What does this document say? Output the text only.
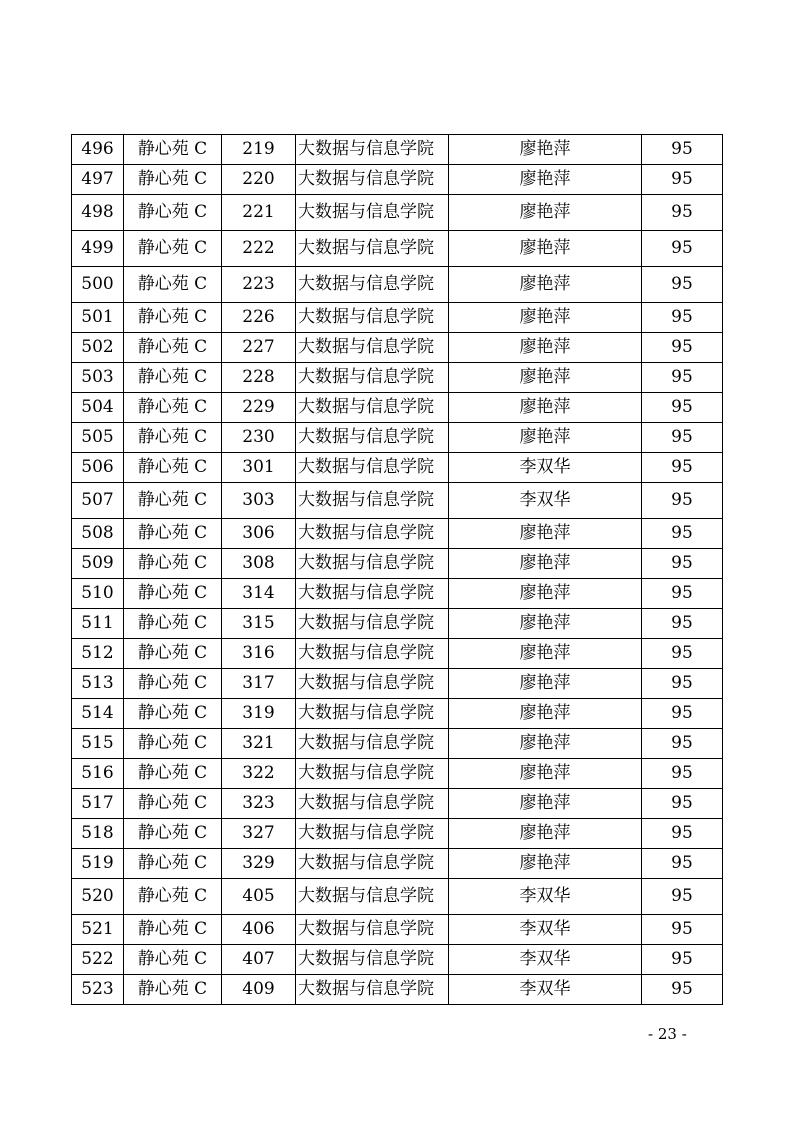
496	静心苑 C	219	大数据与信息学院	廖艳萍	95
497	静心苑 C	220	大数据与信息学院	廖艳萍	95
498	静心苑 C	221	大数据与信息学院	廖艳萍	95
499	静心苑 C	222	大数据与信息学院	廖艳萍	95
500	静心苑 C	223	大数据与信息学院	廖艳萍	95
501	静心苑 C	226	大数据与信息学院	廖艳萍	95
502	静心苑 C	227	大数据与信息学院	廖艳萍	95
503	静心苑 C	228	大数据与信息学院	廖艳萍	95
504	静心苑 C	229	大数据与信息学院	廖艳萍	95
505	静心苑 C	230	大数据与信息学院	廖艳萍	95
506	静心苑 C	301	大数据与信息学院	李双华	95
507	静心苑 C	303	大数据与信息学院	李双华	95
508	静心苑 C	306	大数据与信息学院	廖艳萍	95
509	静心苑 C	308	大数据与信息学院	廖艳萍	95
510	静心苑 C	314	大数据与信息学院	廖艳萍	95
511	静心苑 C	315	大数据与信息学院	廖艳萍	95
512	静心苑 C	316	大数据与信息学院	廖艳萍	95
513	静心苑 C	317	大数据与信息学院	廖艳萍	95
514	静心苑 C	319	大数据与信息学院	廖艳萍	95
515	静心苑 C	321	大数据与信息学院	廖艳萍	95
516	静心苑 C	322	大数据与信息学院	廖艳萍	95
517	静心苑 C	323	大数据与信息学院	廖艳萍	95
518	静心苑 C	327	大数据与信息学院	廖艳萍	95
519	静心苑 C	329	大数据与信息学院	廖艳萍	95
520	静心苑 C	405	大数据与信息学院	李双华	95
521	静心苑 C	406	大数据与信息学院	李双华	95
522	静心苑 C	407	大数据与信息学院	李双华	95
523	静心苑 C	409	大数据与信息学院	李双华	95
- 23 -
